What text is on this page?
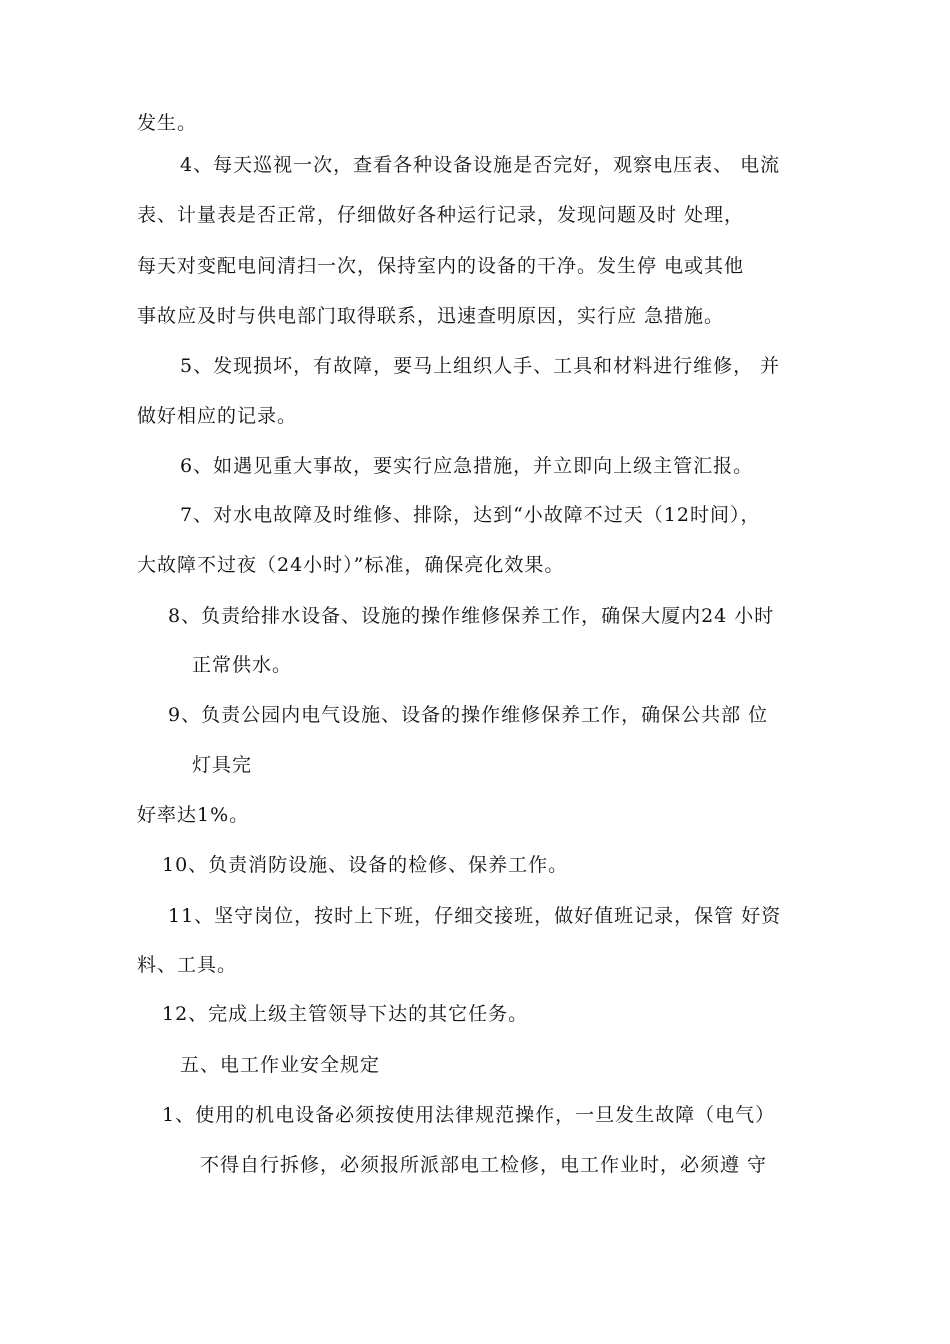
发生。
4、每天巡视一次，查看各种设备设施是否完好，观察电压表、 电流
表、计量表是否正常，仔细做好各种运行记录，发现问题及时 处理，
每天对变配电间清扫一次，保持室内的设备的干净。发生停 电或其他
事故应及时与供电部门取得联系，迅速查明原因，实行应 急措施。
5、发现损坏，有故障，要马上组织人手、工具和材料进行维修， 并
做好相应的记录。
6、如遇见重大事故，要实行应急措施，并立即向上级主管汇报。
7、对水电故障及时维修、排除，达到“小故障不过天（12时间），
大故障不过夜（24小时）”标准，确保亮化效果。
8、负责给排水设备、设施的操作维修保养工作，确保大厦内24 小时
正常供水。
9、负责公园内电气设施、设备的操作维修保养工作，确保公共部 位
灯具完
好率达1%。
10、负责消防设施、设备的检修、保养工作。
11、坚守岗位，按时上下班，仔细交接班，做好值班记录，保管 好资
料、工具。
12、完成上级主管领导下达的其它任务。
五、电工作业安全规定
1、使用的机电设备必须按使用法律规范操作，一旦发生故障（电气）
不得自行拆修，必须报所派部电工检修，电工作业时，必须遵 守
